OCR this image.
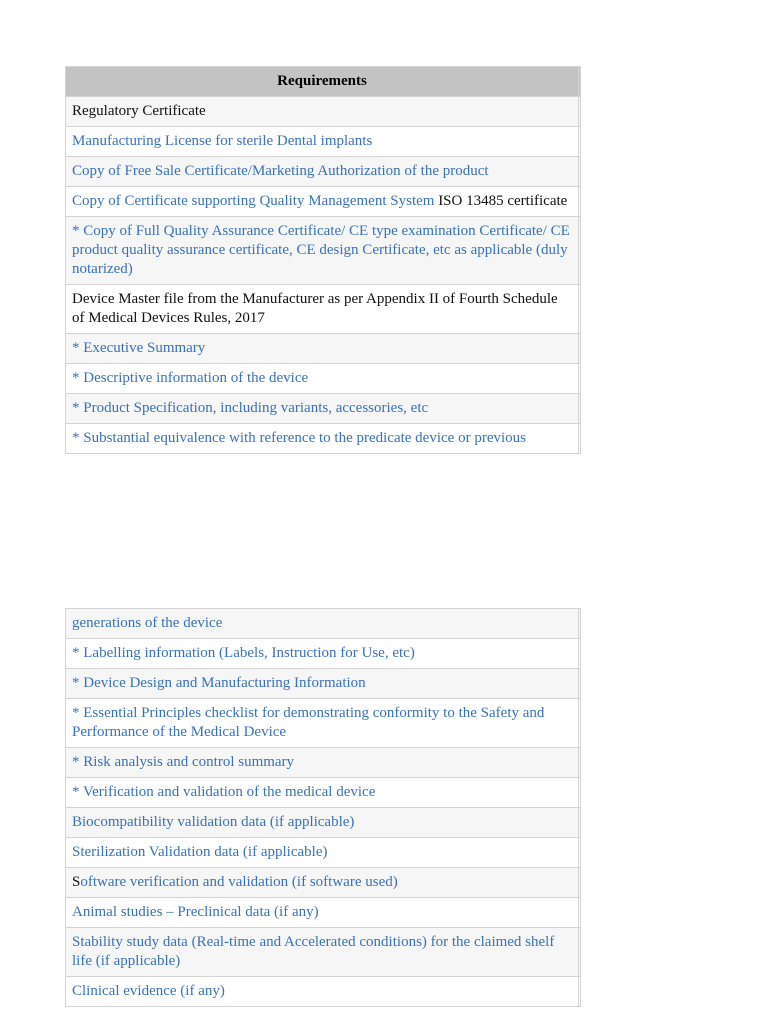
Requirements	
Regulatory Certificate	
Manufacturing License for sterile Dental implants	
Copy of Free Sale Certificate/Marketing Authorization of the product	
Copy of Certificate supporting Quality Management System ISO 13485 certificate	
* Copy of Full Quality Assurance Certificate/ CE type examination Certificate/ CE product quality assurance certificate, CE design Certificate, etc as applicable (duly notarized)	
Device Master file from the Manufacturer as per Appendix II of Fourth Schedule of Medical Devices Rules, 2017	
* Executive Summary	
* Descriptive information of the device	
* Product Specification, including variants, accessories, etc	
* Substantial equivalence with reference to the predicate device or previous	
generations of the device	
* Labelling information (Labels, Instruction for Use, etc)	
* Device Design and Manufacturing Information	
* Essential Principles checklist for demonstrating conformity to the Safety and Performance of the Medical Device	
* Risk analysis and control summary	
* Verification and validation of the medical device	
Biocompatibility validation data (if applicable)	
Sterilization Validation data (if applicable)	
Software verification and validation (if software used)	
Animal studies – Preclinical data (if any)	
Stability study data (Real-time and Accelerated conditions) for the claimed shelf life (if applicable)	
Clinical evidence (if any)	
